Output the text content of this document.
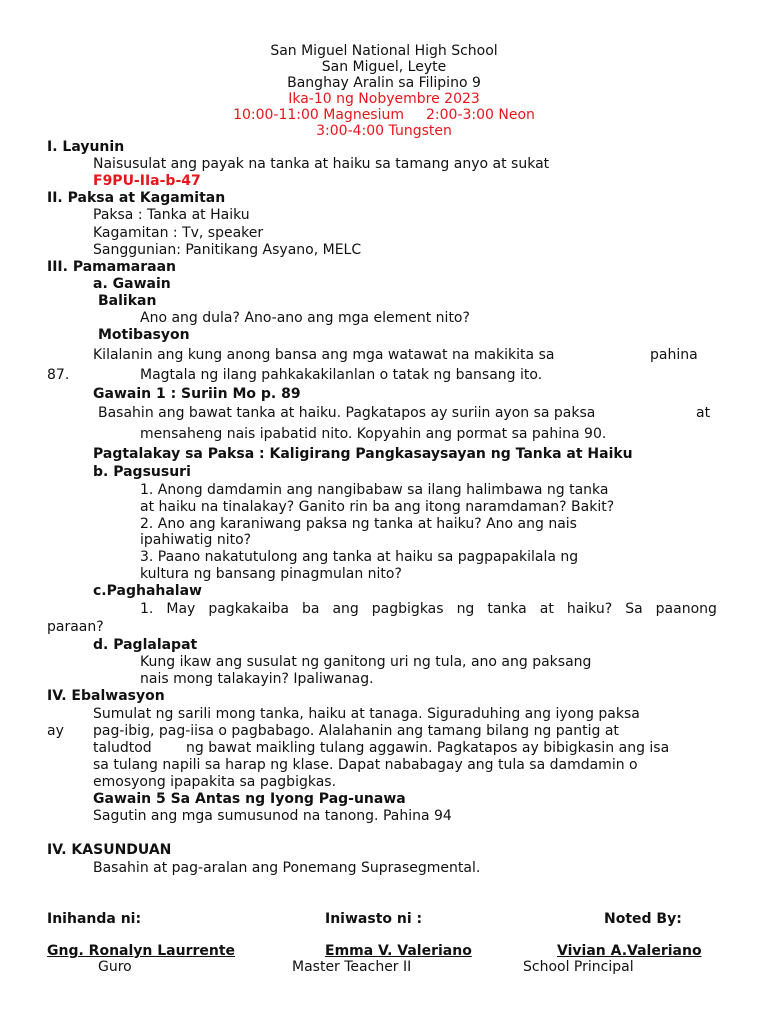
San Miguel National High School
San Miguel, Leyte
Banghay Aralin sa Filipino 9
Ika-10 ng Nobyembre 2023
10:00-11:00 Magnesium 2:00-3:00 Neon
3:00-4:00 Tungsten
I. Layunin
Naisusulat ang payak na tanka at haiku sa tamang anyo at sukat
F9PU-IIa-b-47
II. Paksa at Kagamitan
Paksa : Tanka at Haiku
Kagamitan : Tv, speaker
Sanggunian: Panitikang Asyano, MELC
III. Pamamaraan
a. Gawain
Balikan
Ano ang dula? Ano-ano ang mga element nito?
Motibasyon
Kilalanin ang kung anong bansa ang mga watawat na makikita sa	pahina
87.	Magtala ng ilang pahkakakilanlan o tatak ng bansang ito.
Gawain 1 : Suriin Mo p. 89
Basahin ang bawat tanka at haiku. Pagkatapos ay suriin ayon sa paksa	at
mensaheng nais ipabatid nito. Kopyahin ang pormat sa pahina 90.
Pagtalakay sa Paksa : Kaligirang Pangkasaysayan ng Tanka at Haiku
b. Pagsusuri
1. Anong damdamin ang nangibabaw sa ilang halimbawa ng tanka
at haiku na tinalakay? Ganito rin ba ang itong naramdaman? Bakit?
2. Ano ang karaniwang paksa ng tanka at haiku? Ano ang nais
ipahiwatig nito?
3. Paano nakatutulong ang tanka at haiku sa pagpapakilala ng
kultura ng bansang pinagmulan nito?
c.Paghahalaw
1. May pagkakaiba ba ang pagbigkas ng tanka at haiku? Sa paanong
paraan?
d. Paglalapat
Kung ikaw ang susulat ng ganitong uri ng tula, ano ang paksang
nais mong talakayin? Ipaliwanag.
IV. Ebalwasyon
Sumulat ng sarili mong tanka, haiku at tanaga. Siguraduhing ang iyong paksa
ay pag-ibig, pag-iisa o pagbabago. Alalahanin ang tamang bilang ng pantig at
taludtod ng bawat maikling tulang aggawin. Pagkatapos ay bibigkasin ang isa
sa tulang napili sa harap ng klase. Dapat nababagay ang tula sa damdamin o
emosyong ipapakita sa pagbigkas.
Gawain 5 Sa Antas ng Iyong Pag-unawa
Sagutin ang mga sumusunod na tanong. Pahina 94
IV. KASUNDUAN
Basahin at pag-aralan ang Ponemang Suprasegmental.
Inihanda ni:	Iniwasto ni :	Noted By:
Gng. Ronalyn Laurrente	Emma V. Valeriano	Vivian A.Valeriano
Guro	Master Teacher II	School Principal
